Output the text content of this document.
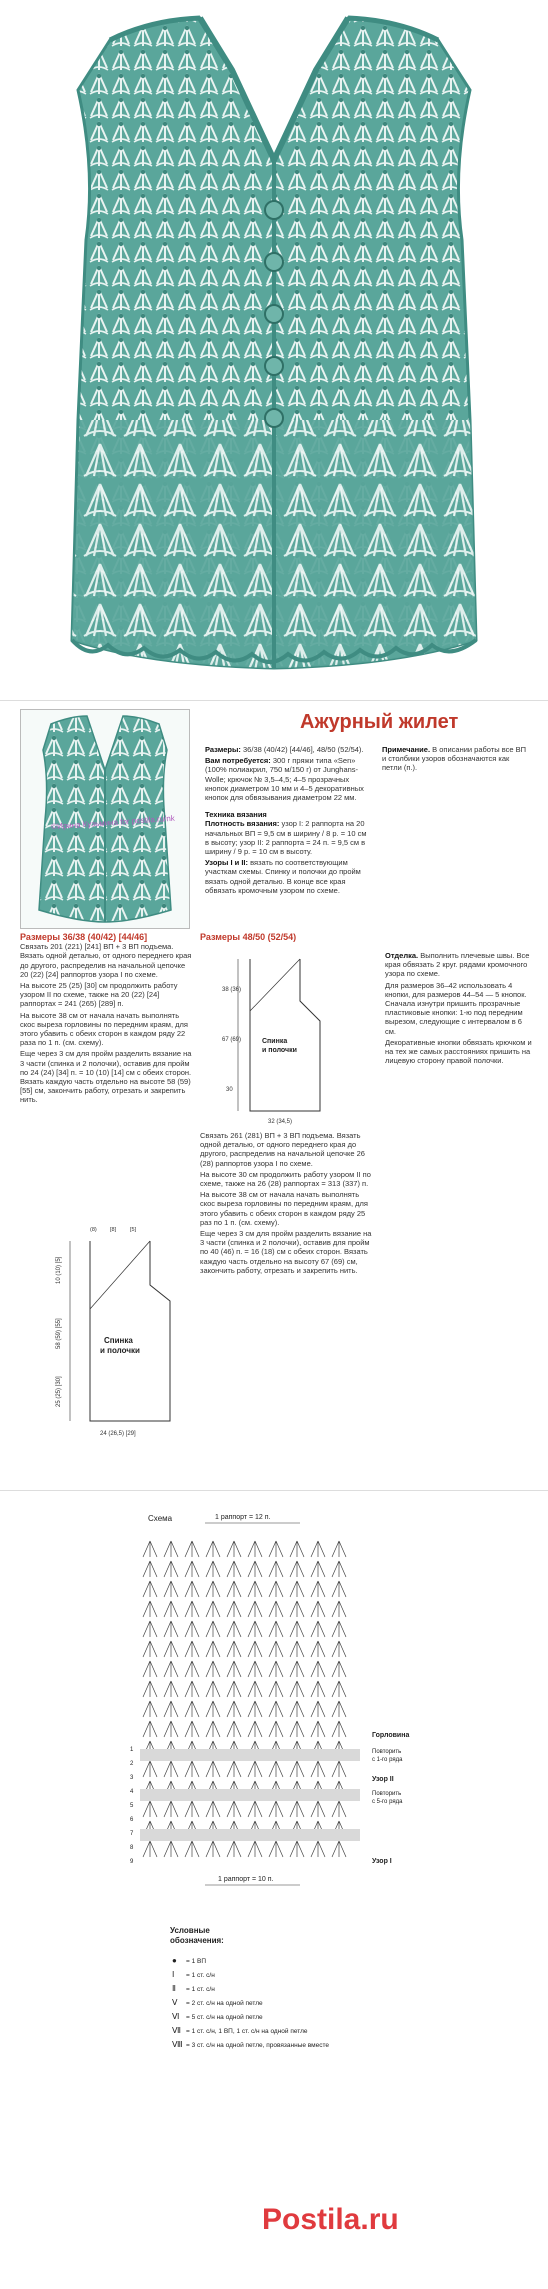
©Ирина Кузьмина for postila.ru/nk
Ажурный жилет

Размеры: 36/38 (40/42) [44/46], 48/50 (52/54).

Вам потребуется: 300 г пряжи типа «Sen» (100% полиакрил, 750 м/150 г) от Junghans-Wolle; крючок № 3,5–4,5; 4–5 прозрачных кнопок диаметром 10 мм и 4–5 декоративных кнопок для обвязывания диаметром 22 мм.

Техника вязания

Плотность вязания: узор I: 2 раппорта на 20 начальных ВП = 9,5 см в ширину / 8 р. = 10 см в высоту; узор II: 2 раппорта = 24 п. = 9,5 см в ширину / 9 р. = 10 см в высоту.

Узоры I и II: вязать по соответствующим участкам схемы. Спинку и полочки до пройм вязать одной деталью. В конце все края обвязать кромочным узором по схеме.

Примечание. В описании работы все ВП и столбики узоров обозначаются как петли (п.).

Размеры 36/38 (40/42) [44/46]

Связать 201 (221) [241] ВП + 3 ВП подъема. Вязать одной деталью, от одного переднего края до другого, распределив на начальной цепочке 20 (22) [24] раппортов узора I по схеме.

На высоте 25 (25) [30] см продолжить работу узором II по схеме, также на 20 (22) [24] раппортах = 241 (265) [289] п.

На высоте 38 см от начала начать выполнять скос выреза горловины по передним краям, для этого убавить с обеих сторон в каждом ряду 22 раза по 1 п. (см. схему).

Еще через 3 см для пройм разделить вязание на 3 части (спинка и 2 полочки), оставив для пройм по 24 (24) [34] п. = 10 (10) [14] см с обеих сторон. Вязать каждую часть отдельно на высоте 58 (59) [55] см, закончить работу, отрезать и закрепить нить.

Размеры 48/50 (52/54)

Спинка
и полочки
38 (36)
67 (69)
30
32 (34,5)

Связать 261 (281) ВП + 3 ВП подъема. Вязать одной деталью, от одного переднего края до другого, распределив на начальной цепочке 26 (28) раппортов узора I по схеме.

На высоте 30 см продолжить работу узором II по схеме, также на 26 (28) раппортах = 313 (337) п.

На высоте 38 см от начала начать выполнять скос выреза горловины по передним краям, для этого убавить с обеих сторон в каждом ряду 25 раз по 1 п. (см. схему).

Еще через 3 см для пройм разделить вязание на 3 части (спинка и 2 полочки), оставив для пройм по 40 (46) п. = 16 (18) см с обеих сторон. Вязать каждую часть отдельно на высоту 67 (69) см, закончить работу, отрезать и закрепить нить.

Отделка. Выполнить плечевые швы. Все края обвязать 2 круг. рядами кромочного узора по схеме.

Для размеров 36–42 использовать 4 кнопки, для размеров 44–54 — 5 кнопок. Сначала изнутри пришить прозрачные пластиковые кнопки: 1-ю под передним вырезом, следующие с интервалом в 6 см.

Декоративные кнопки обвязать крючком и на тех же самых расстояниях пришить на лицевую сторону правой полочки.

Спинка
и полочки
10 (10) [5]
58 (59) [55]
25 (25) [30]
24 (26,5) [29]
(8) [8]	[5]
Схема	1 раппорт = 12 п.
Горловина
Повторить
с 1-го ряда
Узор II
Повторить
с 5-го ряда
Узор I
1 раппорт = 10 п.
Условные
обозначения:
● = 1 ВП
Ⅰ = 1 ст. с/н
Ⅱ = 1 ст. с/н
Ⅴ = 2 ст. с/н на одной петле
Ⅵ = 5 ст. с/н на одной петле
Ⅶ = 1 ст. с/н, 1 ВП, 1 ст. с/н на одной петле
Ⅷ = 3 ст. с/н на одной петле, провязанные вместе
9
8
7
6
5
4
3
2
1
Postila.ru
